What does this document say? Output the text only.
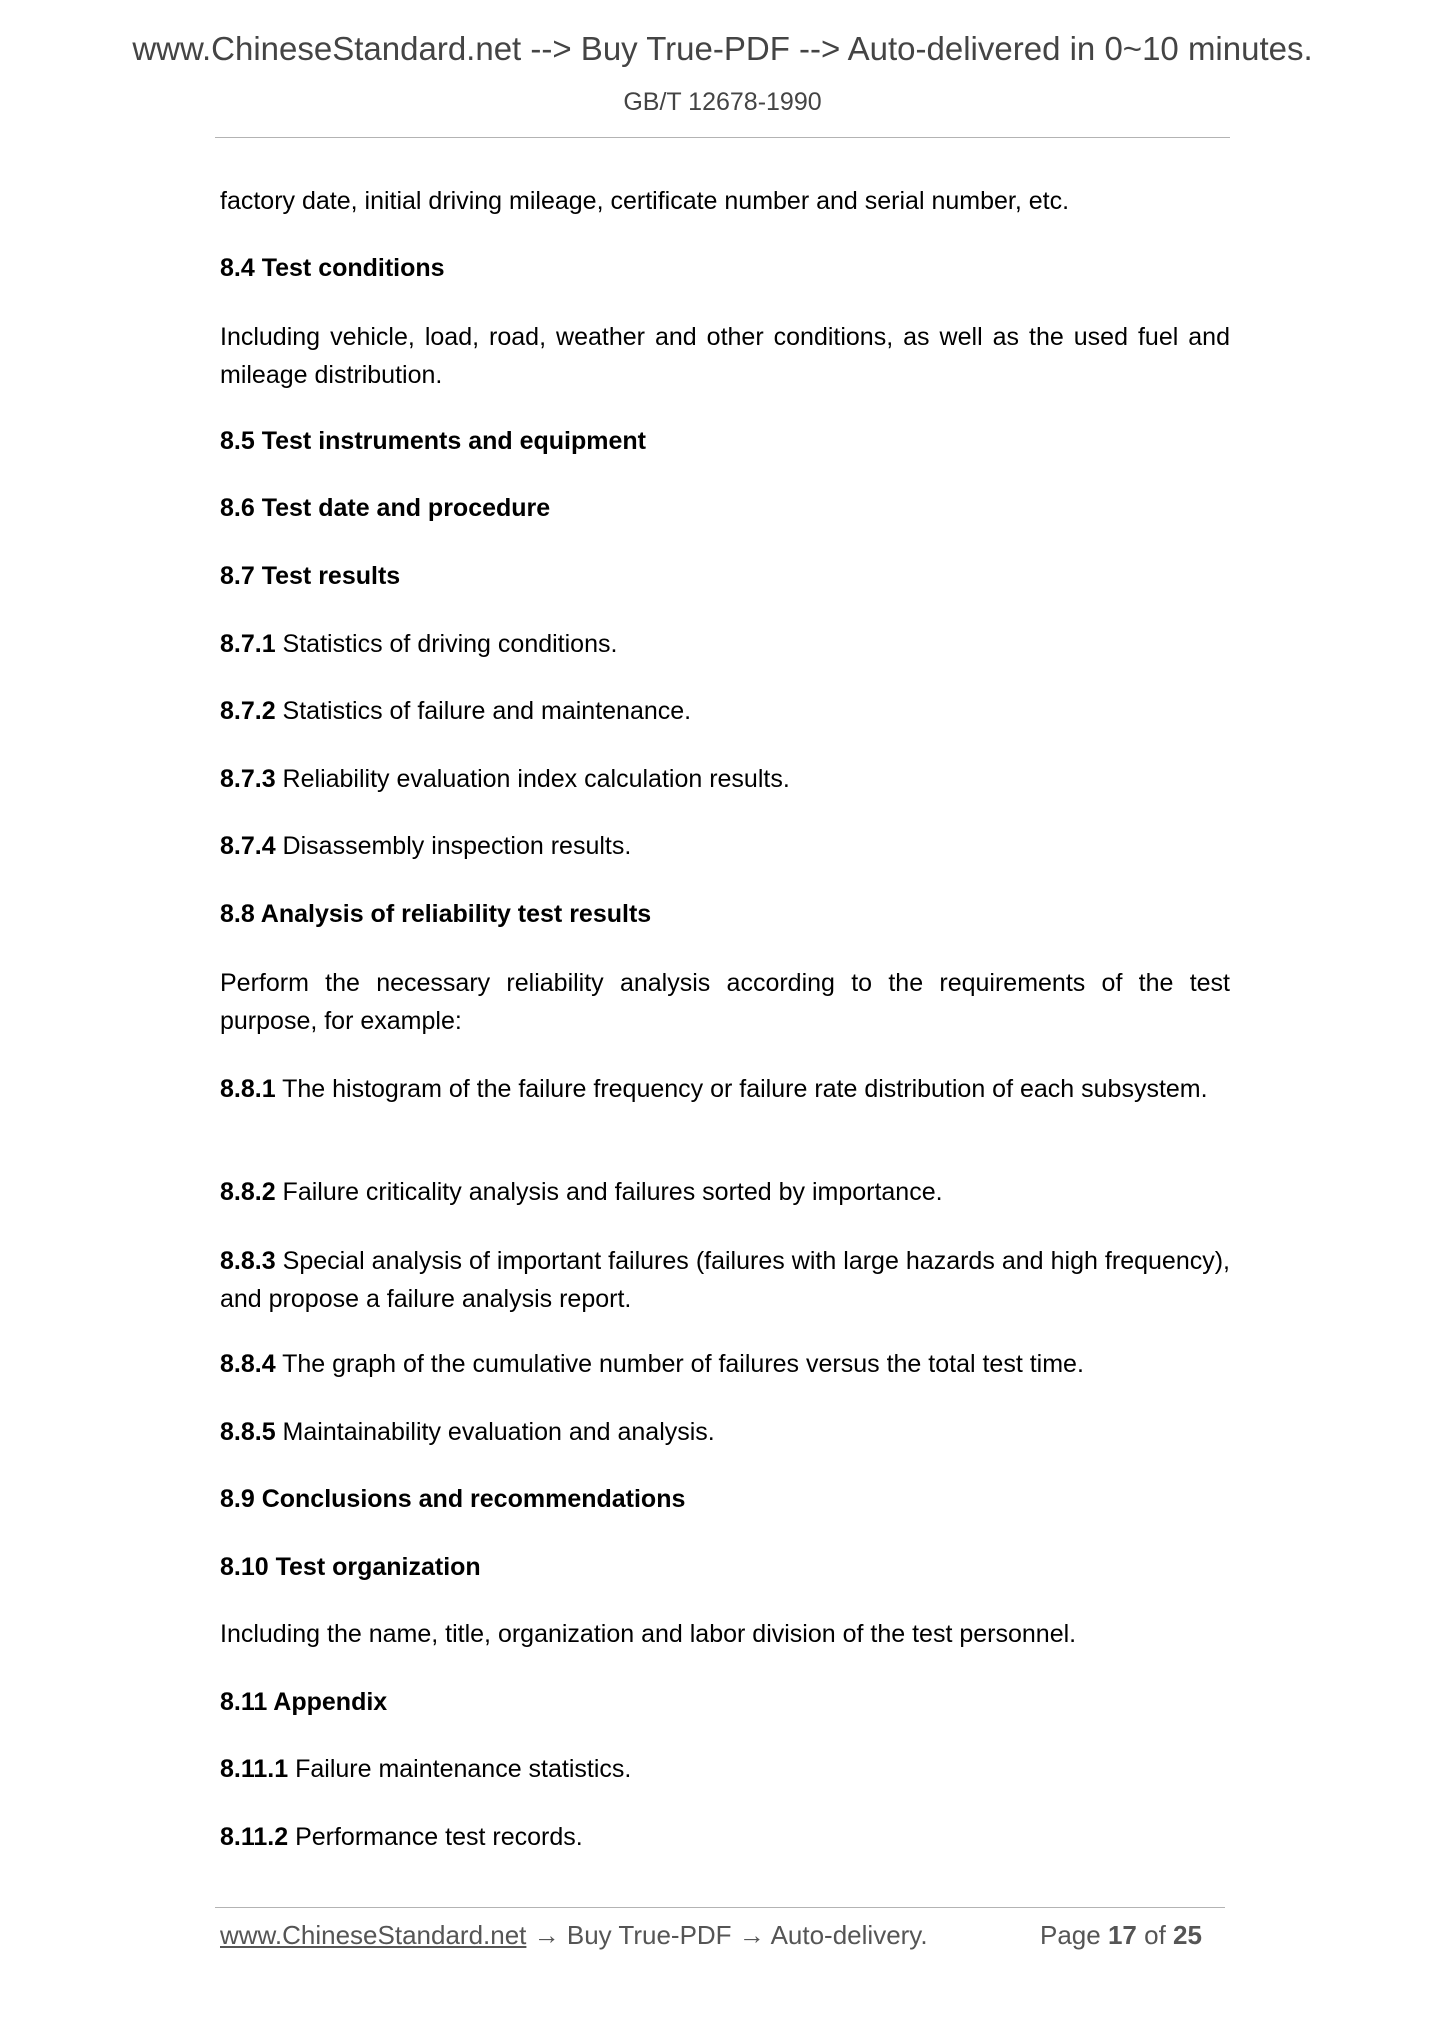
www.ChineseStandard.net --> Buy True-PDF --> Auto-delivered in 0~10 minutes.
GB/T 12678-1990
factory date, initial driving mileage, certificate number and serial number, etc.
8.4 Test conditions
Including vehicle, load, road, weather and other conditions, as well as the used fuel and mileage distribution.
8.5 Test instruments and equipment
8.6 Test date and procedure
8.7 Test results
8.7.1 Statistics of driving conditions.
8.7.2 Statistics of failure and maintenance.
8.7.3 Reliability evaluation index calculation results.
8.7.4 Disassembly inspection results.
8.8 Analysis of reliability test results
Perform the necessary reliability analysis according to the requirements of the test purpose, for example:
8.8.1 The histogram of the failure frequency or failure rate distribution of each subsystem.
8.8.2 Failure criticality analysis and failures sorted by importance.
8.8.3 Special analysis of important failures (failures with large hazards and high frequency), and propose a failure analysis report.
8.8.4 The graph of the cumulative number of failures versus the total test time.
8.8.5 Maintainability evaluation and analysis.
8.9 Conclusions and recommendations
8.10 Test organization
Including the name, title, organization and labor division of the test personnel.
8.11 Appendix
8.11.1 Failure maintenance statistics.
8.11.2 Performance test records.
www.ChineseStandard.net → Buy True-PDF → Auto-delivery.	Page 17 of 25
